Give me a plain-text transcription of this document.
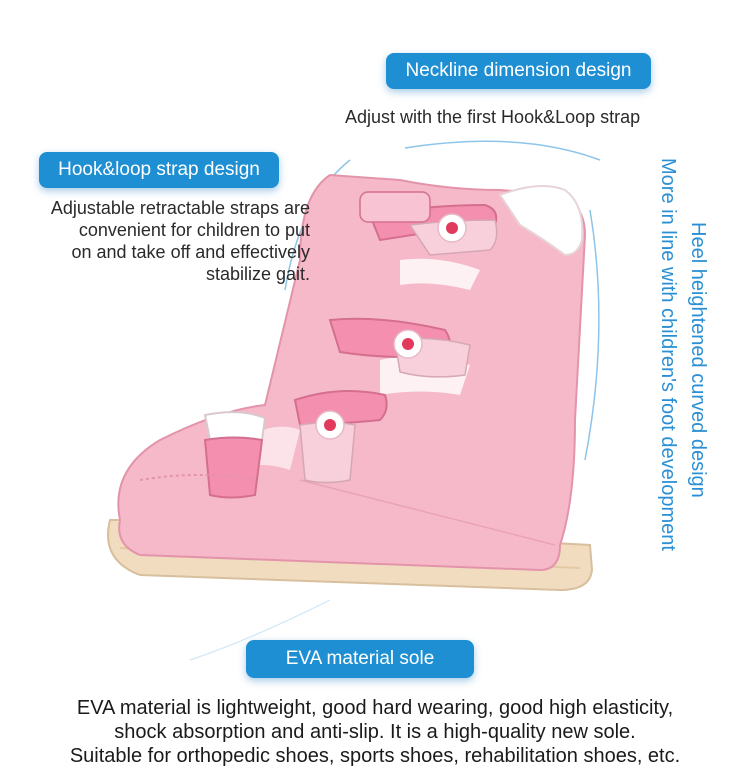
Neckline dimension design
Adjust with the first Hook&Loop strap
Hook&loop strap design
Adjustable retractable straps are
convenient for children to put
on and take off and effectively
stabilize gait.	Heel heightened curved design
More in line with children's foot development
EVA material sole
EVA material is lightweight, good hard wearing, good high elasticity,
shock absorption and anti-slip. It is a high-quality new sole.
Suitable for orthopedic shoes, sports shoes, rehabilitation shoes, etc.
